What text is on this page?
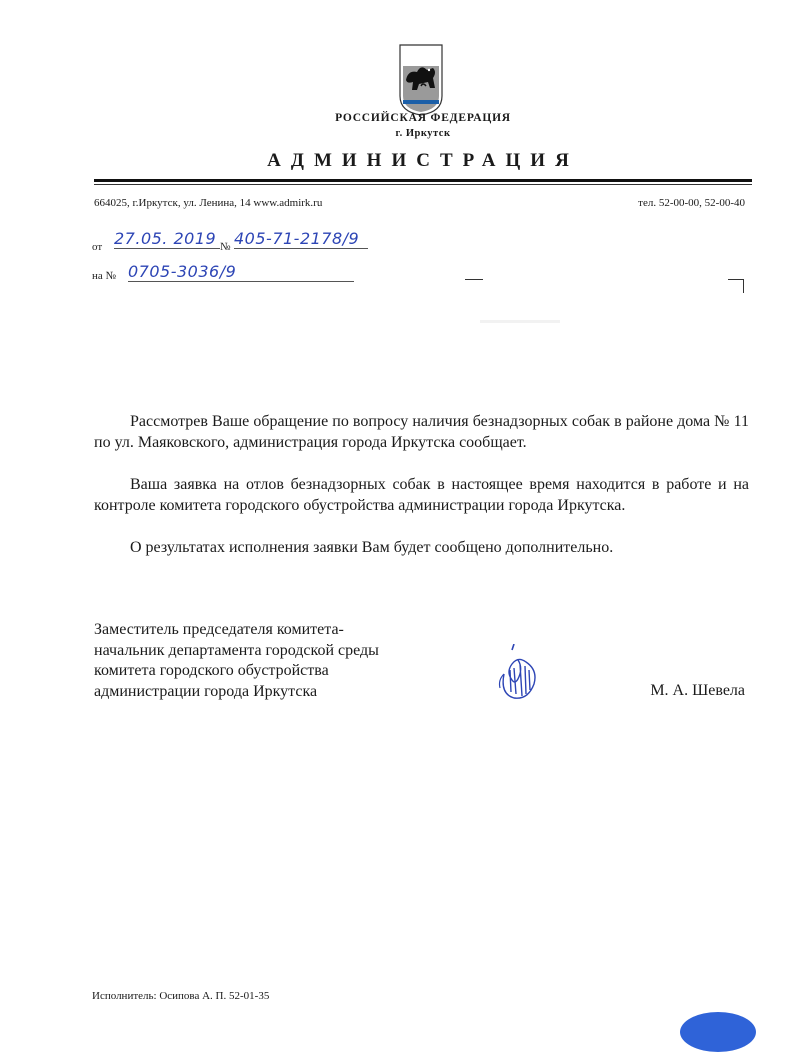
РОССИЙСКАЯ ФЕДЕРАЦИЯ
г. Иркутск
АДМИНИСТРАЦИЯ
664025, г.Иркутск, ул. Ленина, 14 www.admirk.ru	тел. 52-00-00, 52-00-40
от 27.05. 2019 № 405-71-2178/9
на № 0705-3036/9
Рассмотрев Ваше обращение по вопросу наличия безнадзорных собак в районе дома № 11 по ул. Маяковского, администрация города Иркутска сообщает.
Ваша заявка на отлов безнадзорных собак в настоящее время находится в работе и на контроле комитета городского обустройства администрации города Иркутска.
О результатах исполнения заявки Вам будет сообщено дополнительно.
Заместитель председателя комитета-
начальник департамента городской среды
комитета городского обустройства
администрации города Иркутска	М. А. Шевела
Исполнитель: Осипова А. П. 52-01-35
